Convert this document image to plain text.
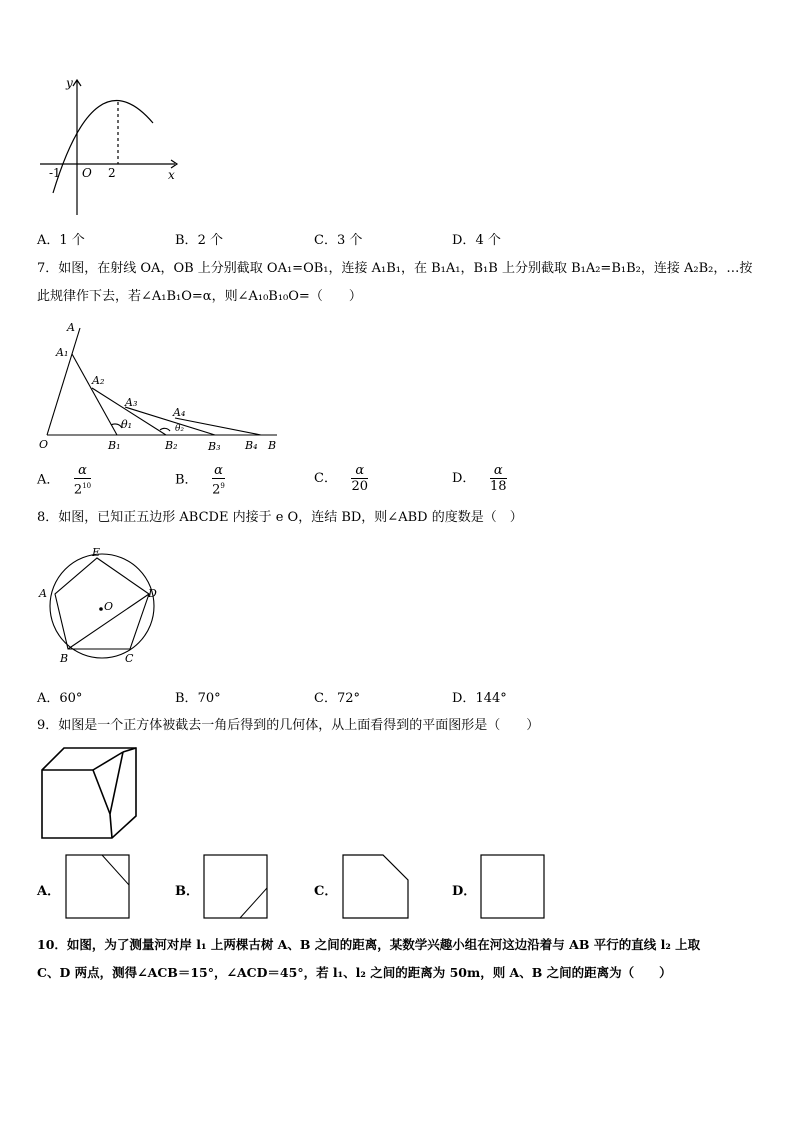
y
x
O
-1	2
A．1 个	B．2 个	C．3 个	D．4 个
7．如图，在射线 OA，OB 上分别截取 OA₁=OB₁，连接 A₁B₁，在 B₁A₁，B₁B 上分别截取 B₁A₂=B₁B₂，连接 A₂B₂，…按
此规律作下去，若∠A₁B₁O=α，则∠A₁₀B₁₀O=（　　）
A
A₁
A₂
A₃
A₄
O	B₁	B₂	B₃ B₄ B
θ₁	θ₂
A． $\frac{\alpha}{2^{10}}$	B． $\frac{\alpha}{2^9}$	C． $\frac{\alpha}{20}$	D． $\frac{\alpha}{18}$
8．如图，已知正五边形 ABCDE 内接于 e O，连结 BD，则∠ABD 的度数是（　）
E
A	D
B	C
O
A．60°	B．70°	C．72°	D．144°
9．如图是一个正方体被截去一角后得到的几何体，从上面看得到的平面图形是（　　）
A．	B．	C．	D．
10．如图，为了测量河对岸 l₁ 上两棵古树 A、B 之间的距离，某数学兴趣小组在河这边沿着与 AB 平行的直线 l₂ 上取
C、D 两点，测得∠ACB＝15°，∠ACD＝45°，若 l₁、l₂ 之间的距离为 50m，则 A、B 之间的距离为（　　）
